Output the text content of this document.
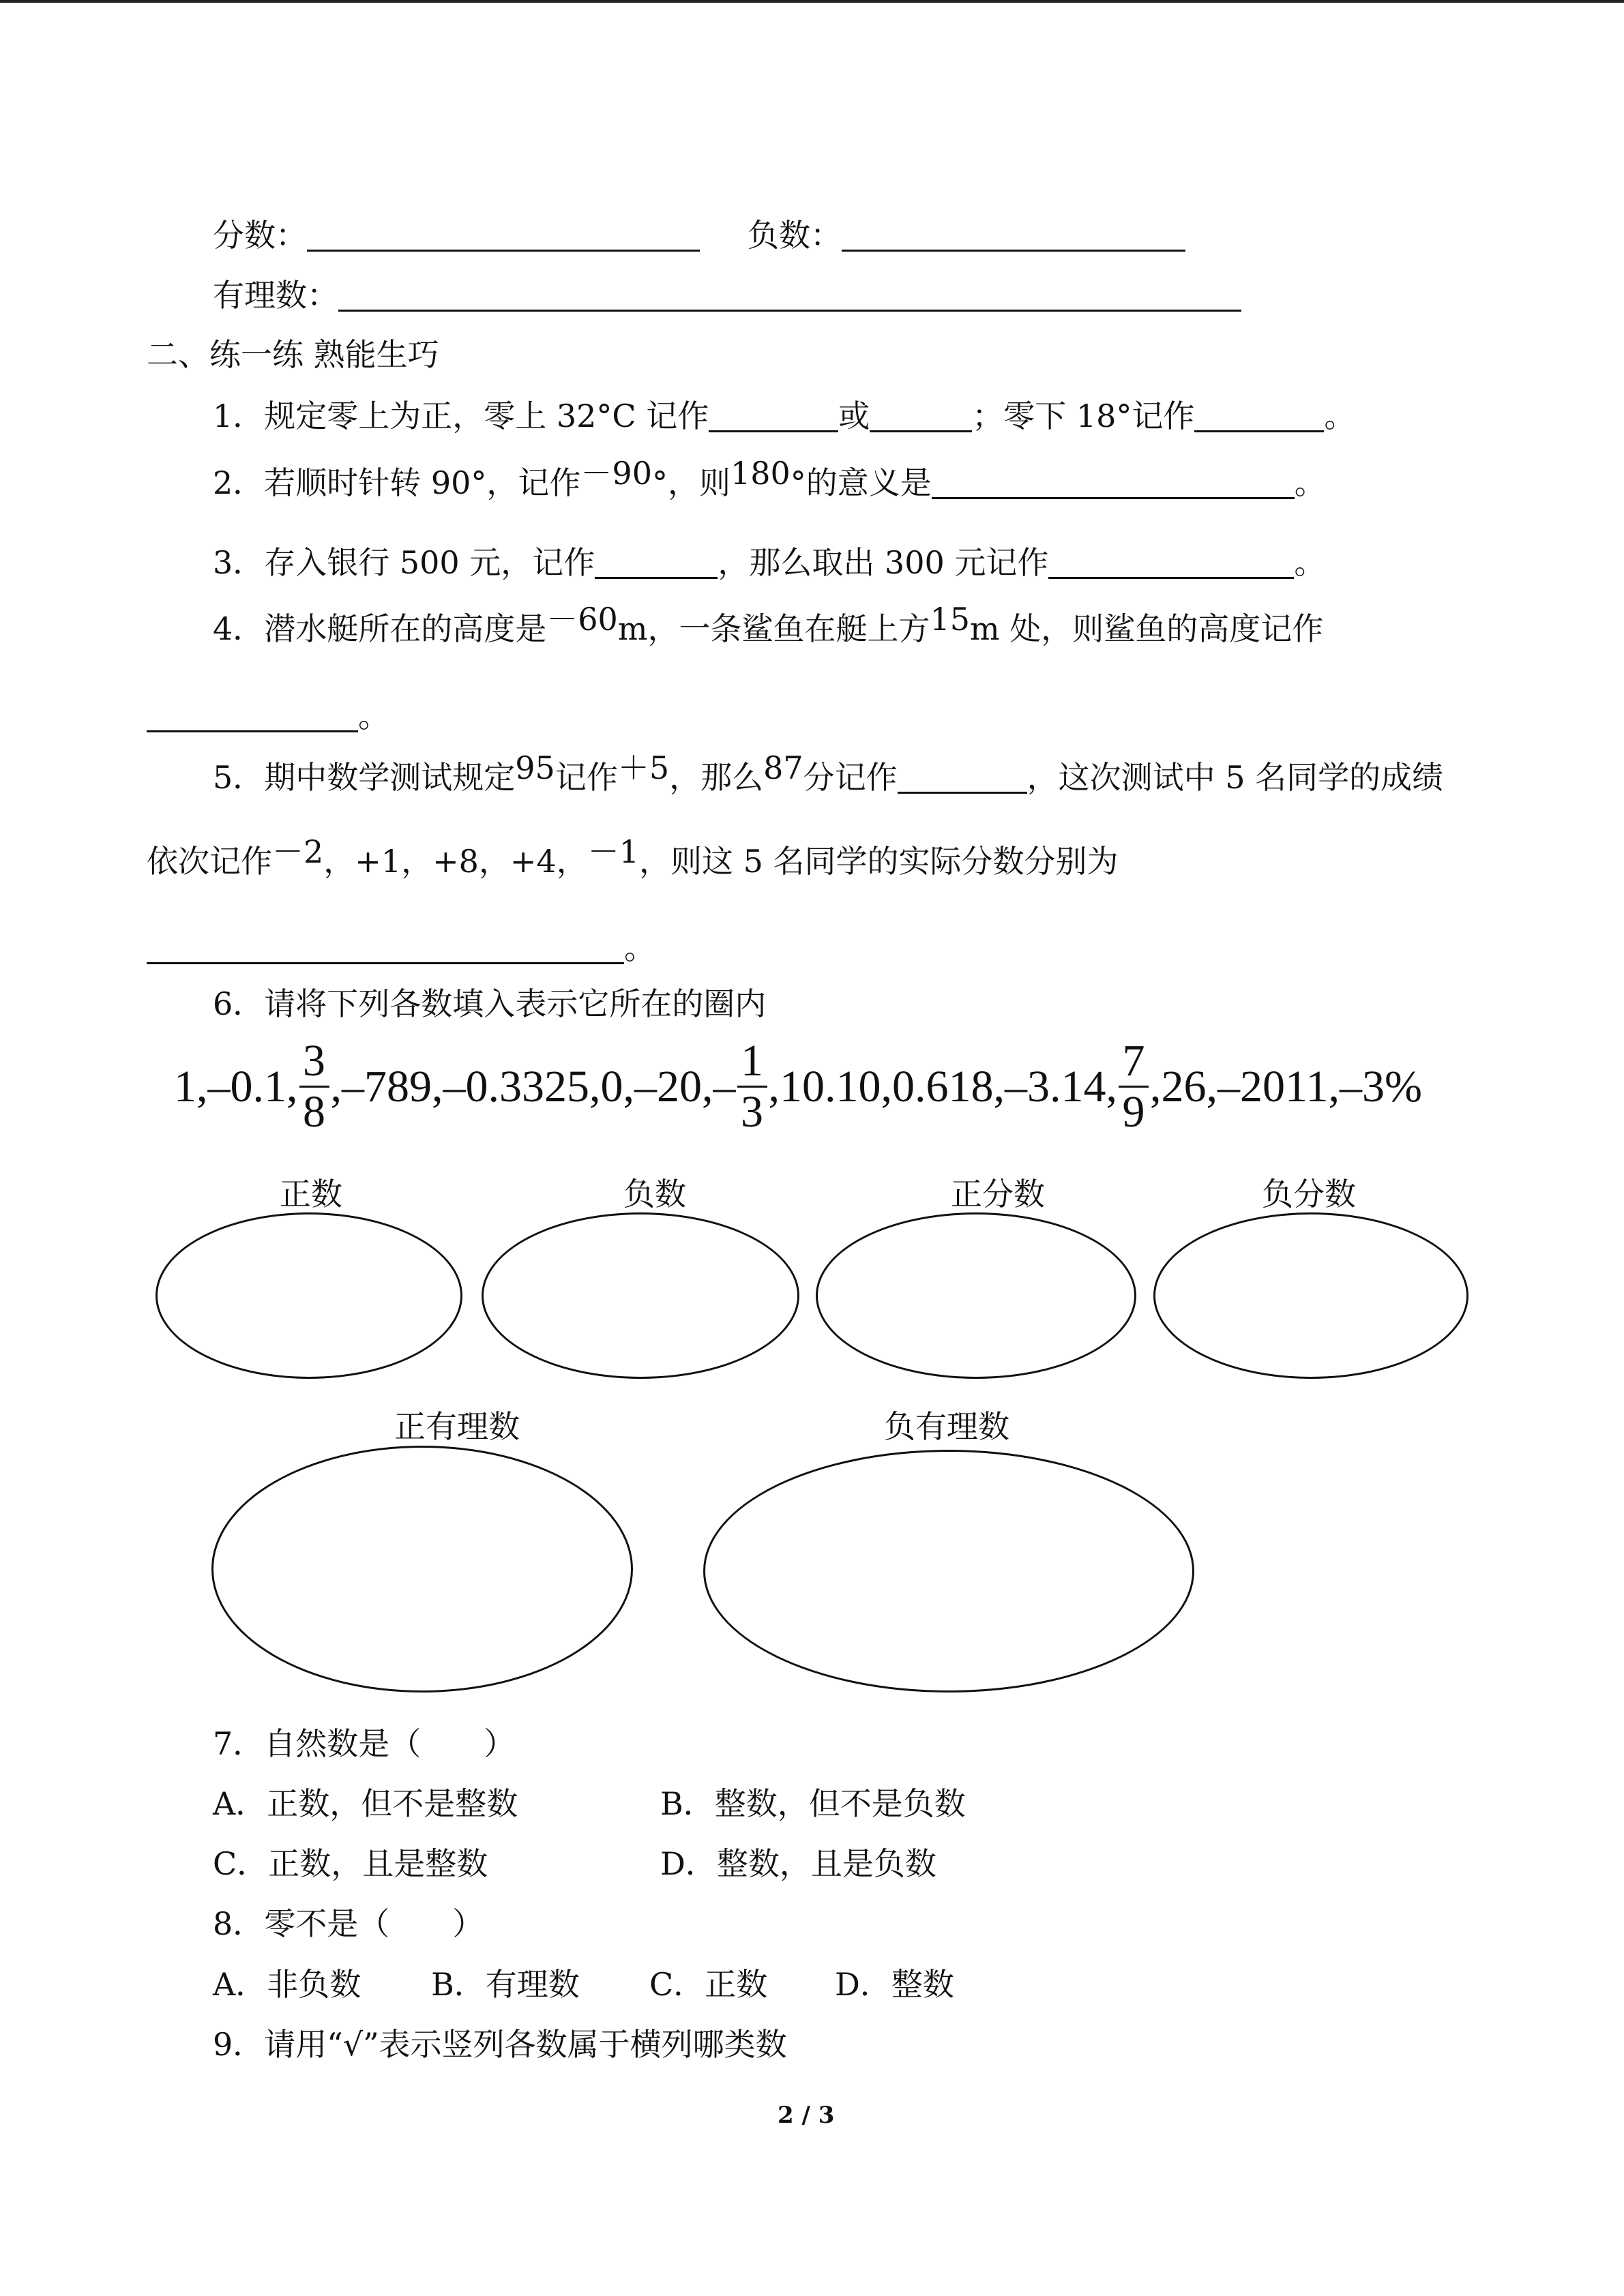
分数：	负数：
有理数：
二、练一练 熟能生巧
1．规定零上为正，零上 32°C 记作	或	；零下 18°记作	。
2．若顺时针转 90°，记作－90°，则180°的意义是	。
3．存入银行 500 元，记作	，那么取出 300 元记作	。
4．潜水艇所在的高度是－60m，一条鲨鱼在艇上方15m 处，则鲨鱼的高度记作
。
5．期中数学测试规定95记作＋5，那么87分记作	，这次测试中 5 名同学的成绩
依次记作－2，+1，+8，+4，－1，则这 5 名同学的实际分数分别为
。
6．请将下列各数填入表示它所在的圈内
1,–0.1, $\frac{3}{8} ,-789,-0.3325,0,-20,- \frac{1}{3} ,10.10,0.618,-3.14$, $\frac{7}{9} ,26,-2011,-3\%$
正数	负数	正分数	负分数
正有理数	负有理数
7．自然数是（　　）
A．正数，但不是整数	B．整数，但不是负数
C．正数，且是整数	D．整数，且是负数
8．零不是（　　）
A．非负数 B．有理数 C．正数 D．整数
9．请用“√”表示竖列各数属于横列哪类数
2 / 3
